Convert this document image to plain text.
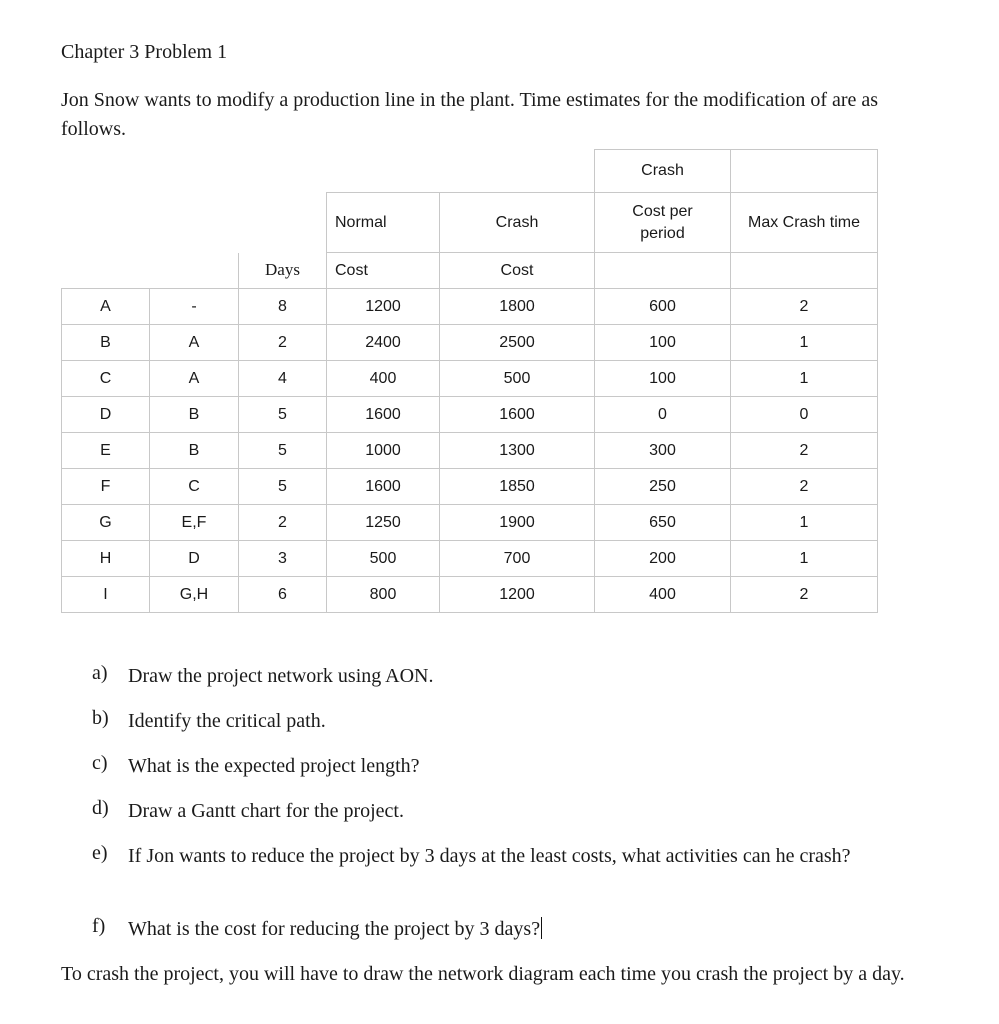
Chapter 3 Problem 1
Jon Snow wants to modify a production line in the plant. Time estimates for the modification of are as follows.
					Crash	
			Normal	Crash	Cost per period	Max Crash time
		Days	Cost	Cost		
A	-	8	1200	1800	600	2
B	A	2	2400	2500	100	1
C	A	4	400	500	100	1
D	B	5	1600	1600	0	0
E	B	5	1000	1300	300	2
F	C	5	1600	1850	250	2
G	E,F	2	1250	1900	650	1
H	D	3	500	700	200	1
I	G,H	6	800	1200	400	2
a) Draw the project network using AON.
b) Identify the critical path.
c) What is the expected project length?
d) Draw a Gantt chart for the project.
e) If Jon wants to reduce the project by 3 days at the least costs, what activities can he crash?
f) What is the cost for reducing the project by 3 days?
To crash the project, you will have to draw the network diagram each time you crash the project by a day.
